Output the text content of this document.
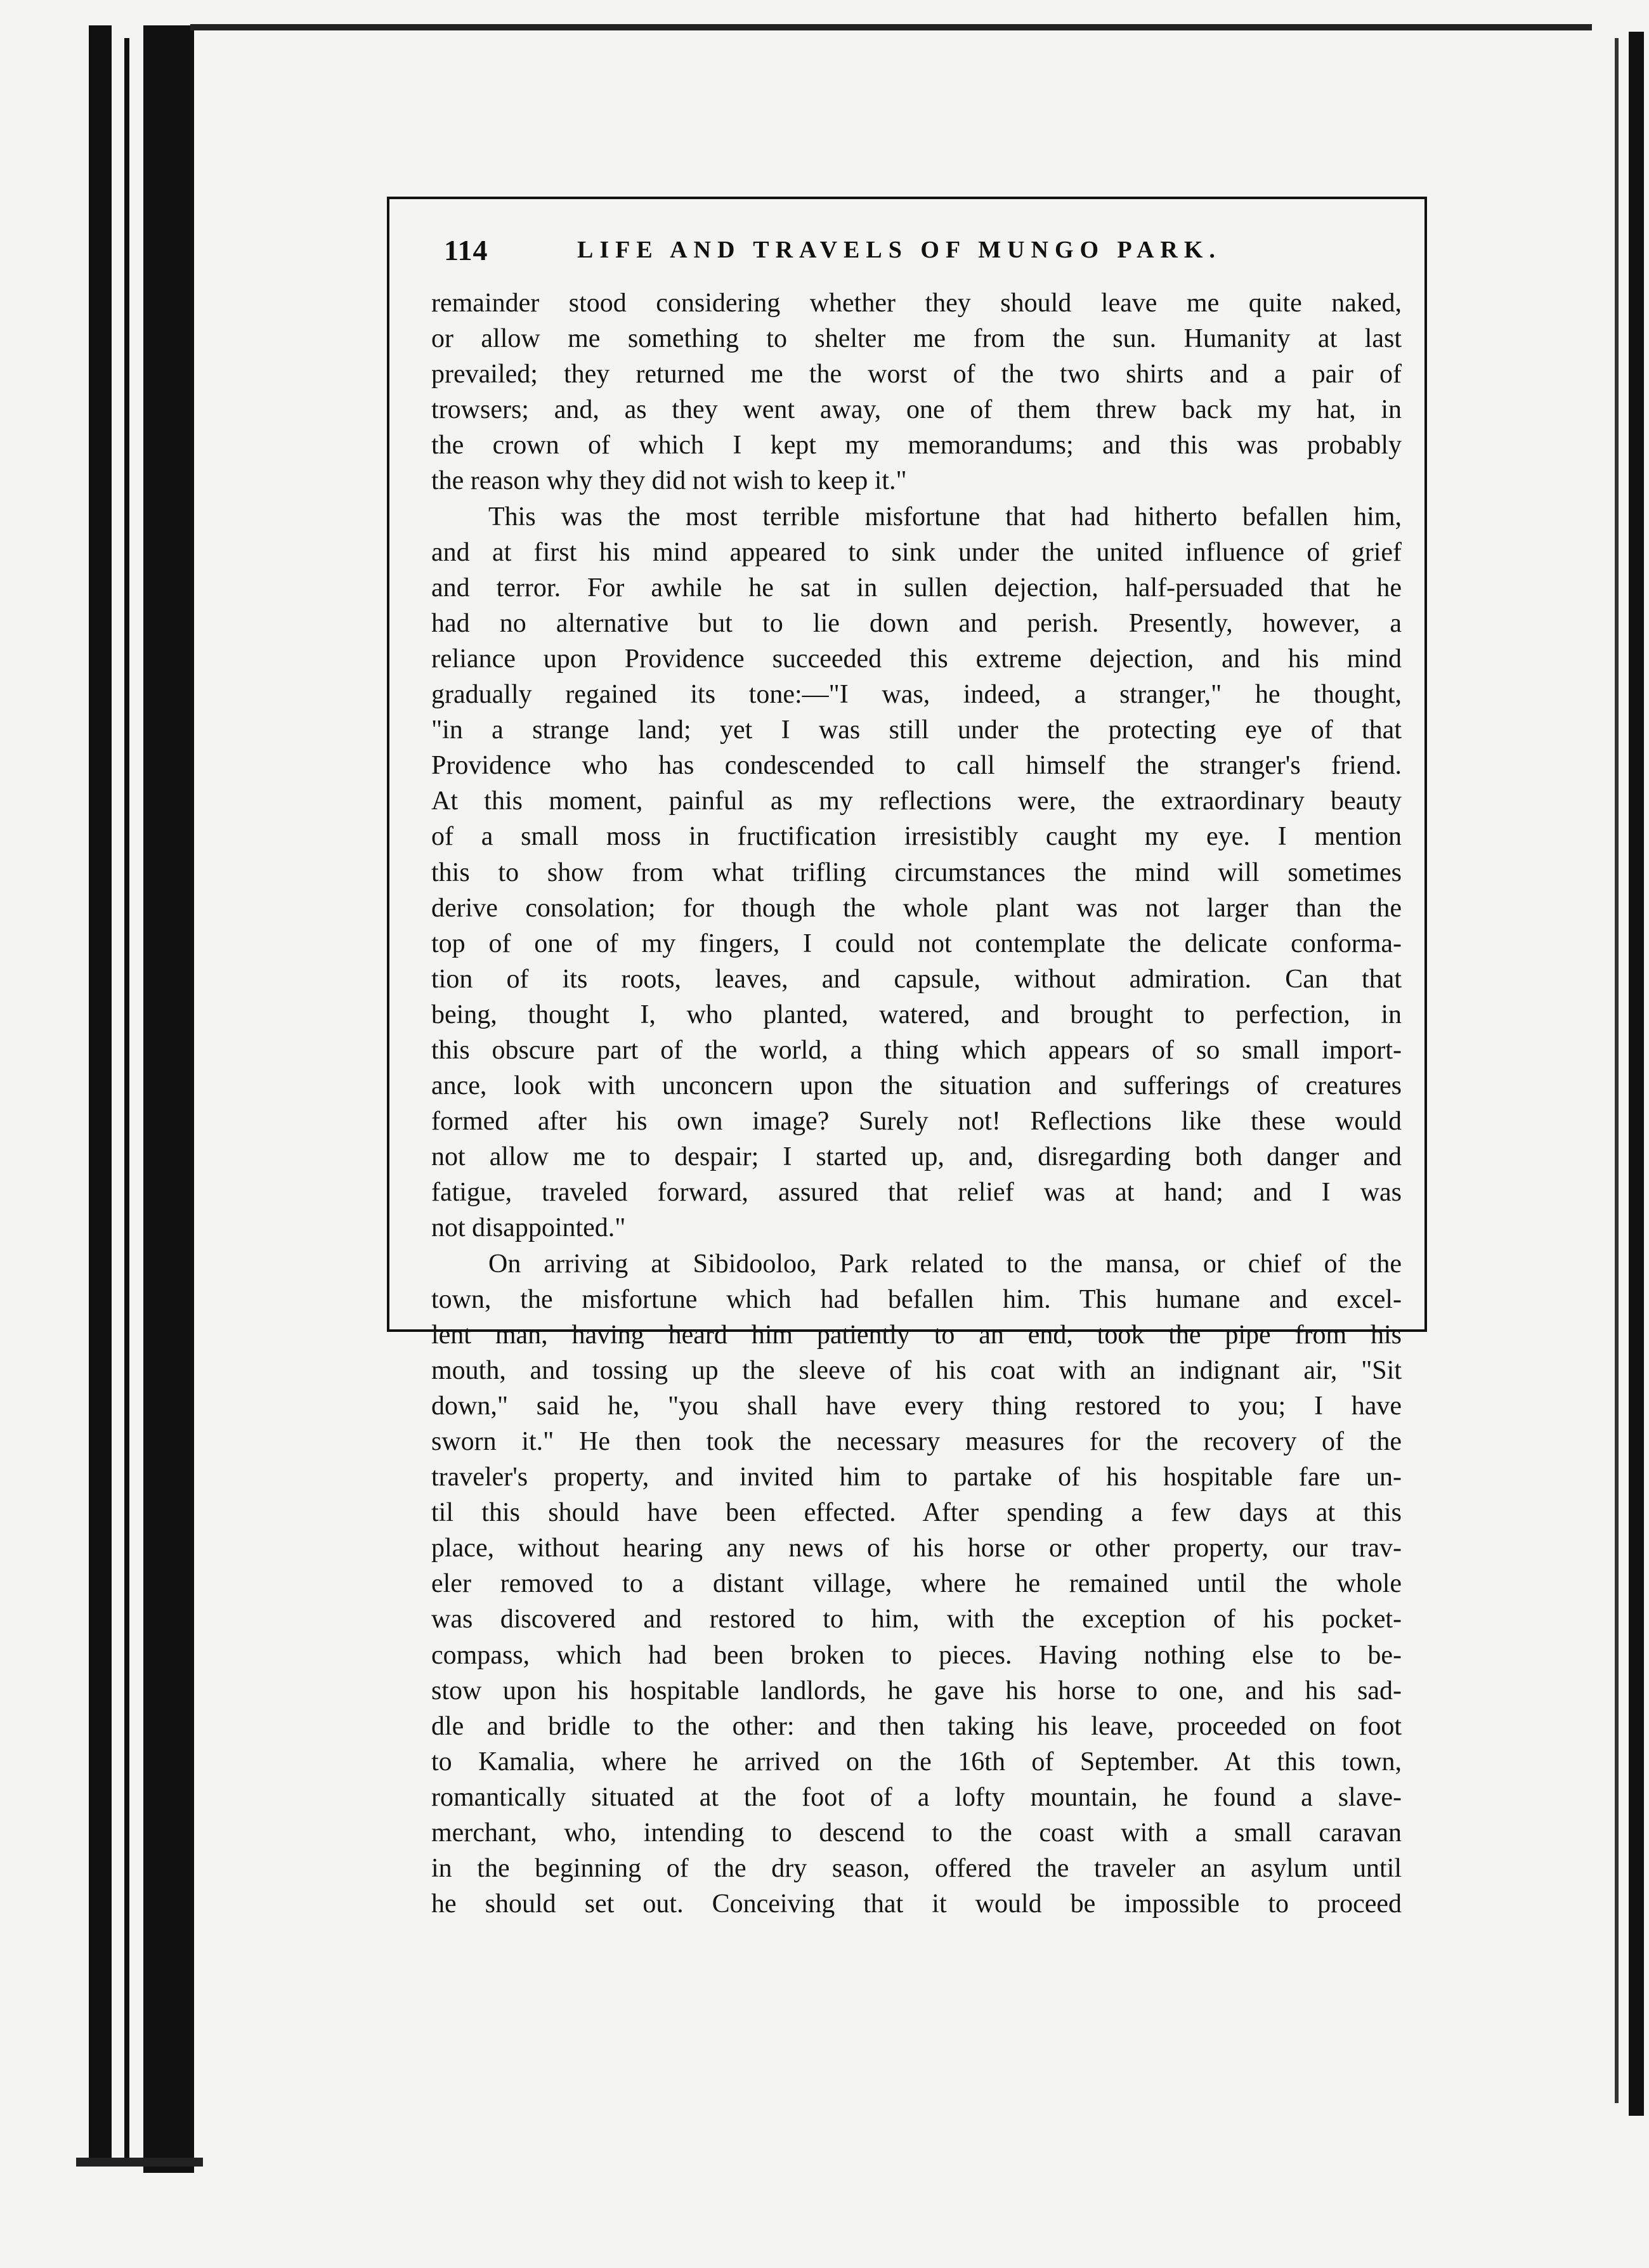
114	LIFE AND TRAVELS OF MUNGO PARK.
remainder stood considering whether they should leave me quite naked,
or allow me something to shelter me from the sun. Humanity at last
prevailed; they returned me the worst of the two shirts and a pair of
trowsers; and, as they went away, one of them threw back my hat, in
the crown of which I kept my memorandums; and this was probably
the reason why they did not wish to keep it."
This was the most terrible misfortune that had hitherto befallen him,
and at first his mind appeared to sink under the united influence of grief
and terror. For awhile he sat in sullen dejection, half-persuaded that he
had no alternative but to lie down and perish. Presently, however, a
reliance upon Providence succeeded this extreme dejection, and his mind
gradually regained its tone:—"I was, indeed, a stranger," he thought,
"in a strange land; yet I was still under the protecting eye of that
Providence who has condescended to call himself the stranger's friend.
At this moment, painful as my reflections were, the extraordinary beauty
of a small moss in fructification irresistibly caught my eye. I mention
this to show from what trifling circumstances the mind will sometimes
derive consolation; for though the whole plant was not larger than the
top of one of my fingers, I could not contemplate the delicate conforma-
tion of its roots, leaves, and capsule, without admiration. Can that
being, thought I, who planted, watered, and brought to perfection, in
this obscure part of the world, a thing which appears of so small import-
ance, look with unconcern upon the situation and sufferings of creatures
formed after his own image? Surely not! Reflections like these would
not allow me to despair; I started up, and, disregarding both danger and
fatigue, traveled forward, assured that relief was at hand; and I was
not disappointed."
On arriving at Sibidooloo, Park related to the mansa, or chief of the
town, the misfortune which had befallen him. This humane and excel-
lent man, having heard him patiently to an end, took the pipe from his
mouth, and tossing up the sleeve of his coat with an indignant air, "Sit
down," said he, "you shall have every thing restored to you; I have
sworn it." He then took the necessary measures for the recovery of the
traveler's property, and invited him to partake of his hospitable fare un-
til this should have been effected. After spending a few days at this
place, without hearing any news of his horse or other property, our trav-
eler removed to a distant village, where he remained until the whole
was discovered and restored to him, with the exception of his pocket-
compass, which had been broken to pieces. Having nothing else to be-
stow upon his hospitable landlords, he gave his horse to one, and his sad-
dle and bridle to the other: and then taking his leave, proceeded on foot
to Kamalia, where he arrived on the 16th of September. At this town,
romantically situated at the foot of a lofty mountain, he found a slave-
merchant, who, intending to descend to the coast with a small caravan
in the beginning of the dry season, offered the traveler an asylum until
he should set out. Conceiving that it would be impossible to proceed
